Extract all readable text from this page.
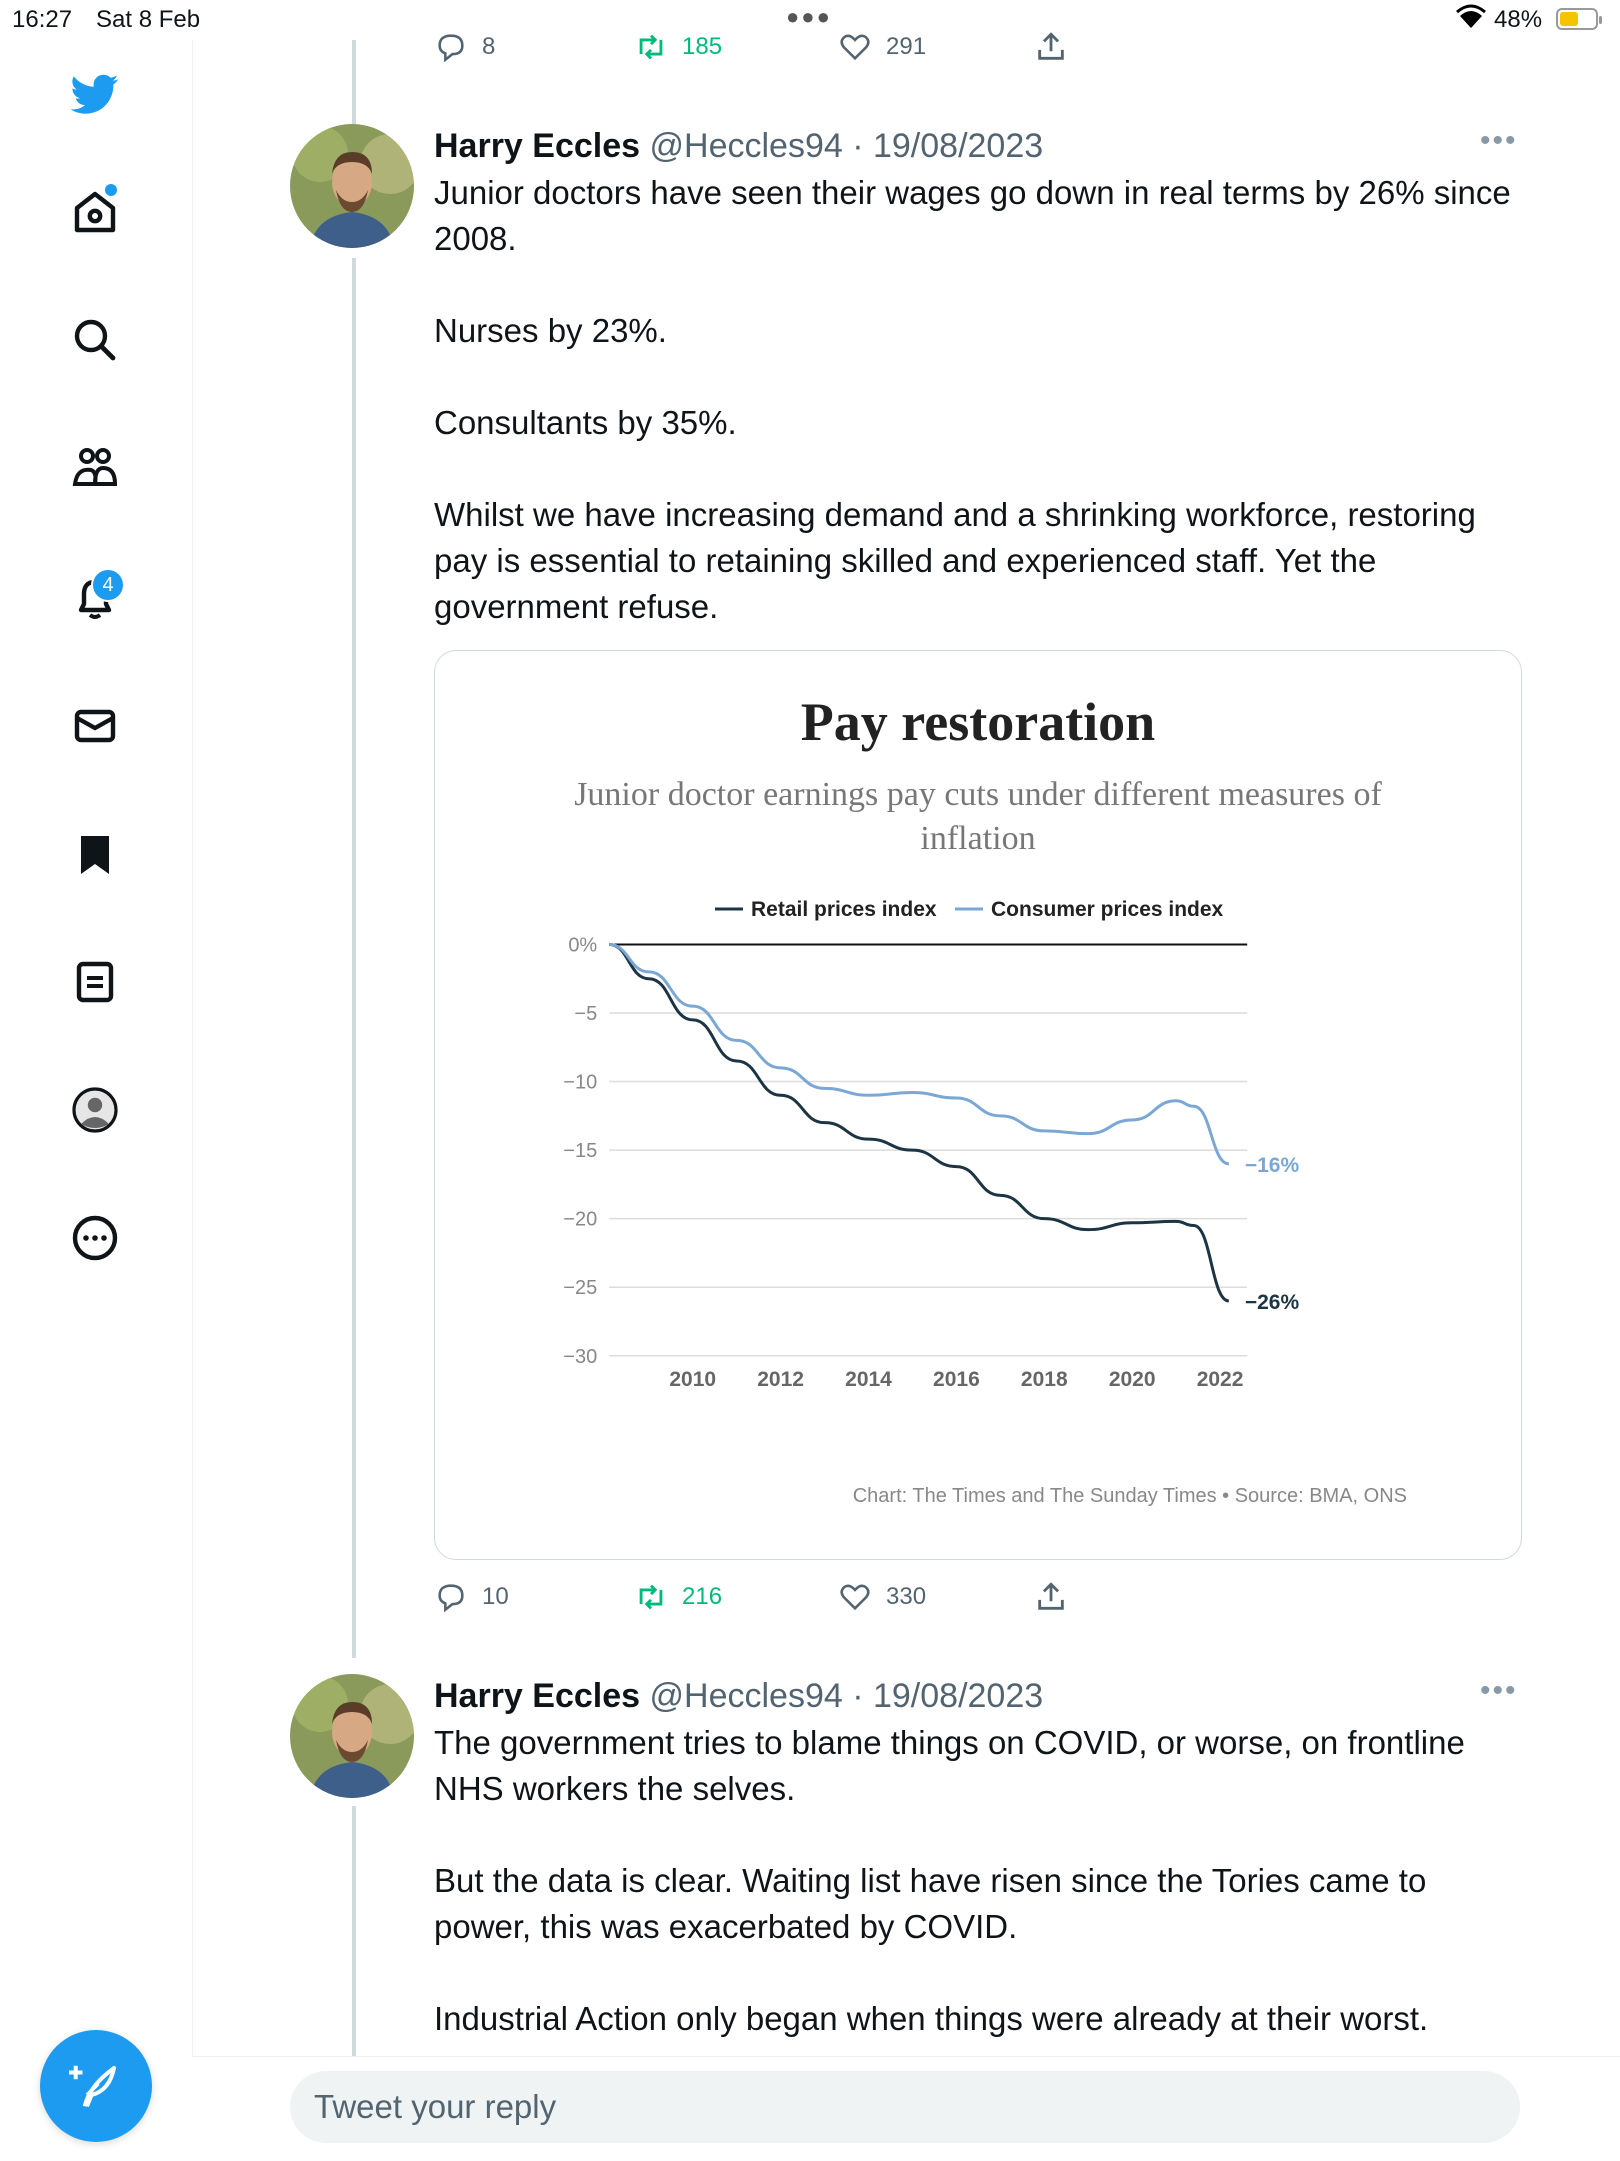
16:27 Sat 8 Feb	●●●	48%
4
8	185	291
Harry Eccles @Heccles94 · 19/08/2023	•••
Junior doctors have seen their wages go down in real terms by 26% since 2008.

Nurses by 23%.

Consultants by 35%.

Whilst we have increasing demand and a shrinking workforce, restoring pay is essential to retaining skilled and experienced staff. Yet the government refuse.
Pay restoration
Junior doctor earnings pay cuts under different measures of inflation
Retail prices index	Consumer prices index
0%
−5
−10
−15
−20
−25
−30
2010 2012 2014 2016 2018 2020 2022
−26%
−16%
Chart: The Times and The Sunday Times • Source: BMA, ONS
10	216	330
Harry Eccles @Heccles94 · 19/08/2023	•••
The government tries to blame things on COVID, or worse, on frontline NHS workers the selves.

But the data is clear. Waiting list have risen since the Tories came to power, this was exacerbated by COVID.

Industrial Action only began when things were already at their worst.
Tweet your reply
